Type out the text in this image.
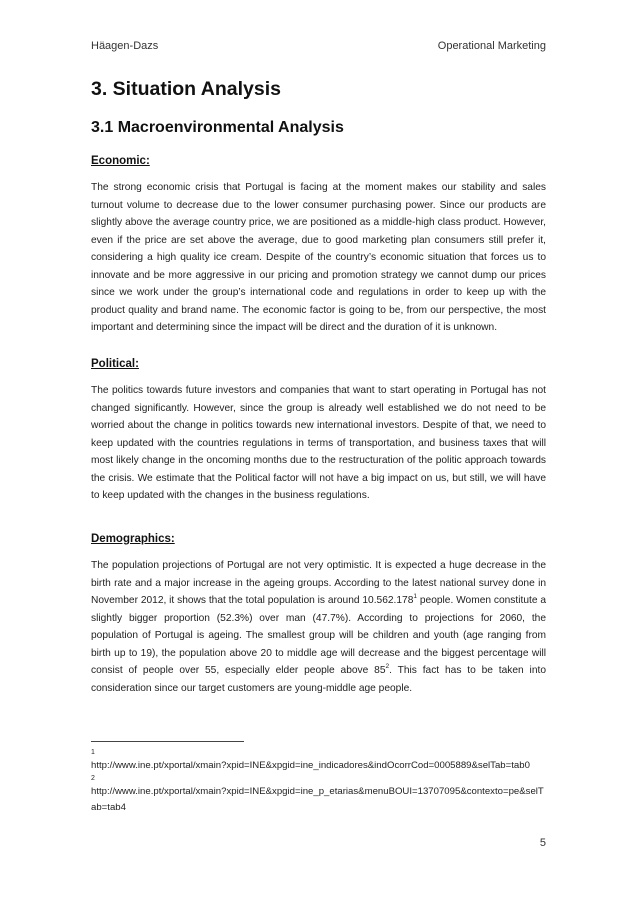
Häagen-Dazs	Operational Marketing
3. Situation Analysis
3.1 Macroenvironmental Analysis

Economic:

The strong economic crisis that Portugal is facing at the moment makes our stability and sales turnout volume to decrease due to the lower consumer purchasing power. Since our products are slightly above the average country price, we are positioned as a middle-high class product. However, even if the price are set above the average, due to good marketing plan consumers still prefer it, considering a high quality ice cream. Despite of the country’s economic situation that forces us to innovate and be more aggressive in our pricing and promotion strategy we cannot dump our prices since we work under the group’s international code and regulations in order to keep up with the product quality and brand name. The economic factor is going to be, from our perspective, the most important and determining since the impact will be direct and the duration of it is unknown.

Political:

The politics towards future investors and companies that want to start operating in Portugal has not changed significantly. However, since the group is already well established we do not need to be worried about the change in politics towards new international investors. Despite of that, we need to keep updated with the countries regulations in terms of transportation, and business taxes that will most likely change in the oncoming months due to the restructuration of the politic approach towards the crisis. We estimate that the Political factor will not have a big impact on us, but still, we will have to keep updated with the changes in the business regulations.

Demographics:

The population projections of Portugal are not very optimistic. It is expected a huge decrease in the birth rate and a major increase in the ageing groups. According to the latest national survey done in November 2012, it shows that the total population is around 10.562.178$^1$ people. Women constitute a slightly bigger proportion (52.3%) over man (47.7%). According to projections for 2060, the population of Portugal is ageing. The smallest group will be children and youth (age ranging from birth up to 19), the population above 20 to middle age will decrease and the biggest percentage will consist of people over 55, especially elder people above $85^2$. This fact has to be taken into consideration since our target customers are young-middle age people.

1

http://www.ine.pt/xportal/xmain?xpid=INE&xpgid=ine_indicadores&indOcorrCod=0005889&selTab=tab0

2

http://www.ine.pt/xportal/xmain?xpid=INE&xpgid=ine_p_etarias&menuBOUI=13707095&contexto=pe&selTab=tab4

5
